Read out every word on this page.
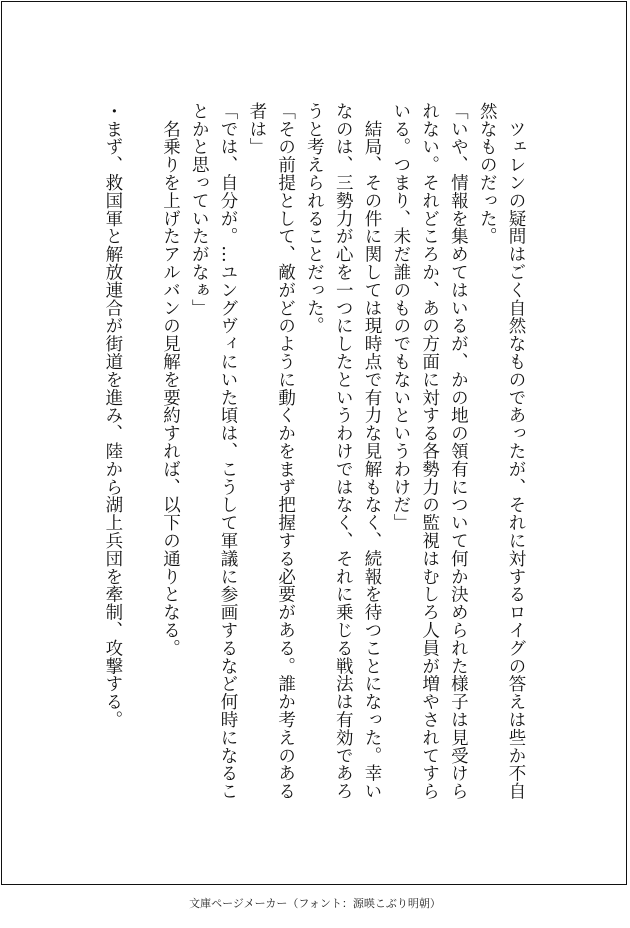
　ツェレンの疑問はごく自然なものであったが、それに対するロイグの答えは些か不自然なものだった。

「いや、情報を集めてはいるが、かの地の領有について何か決められた様子は見受けられない。それどころか、あの方面に対する各勢力の監視はむしろ人員が増やされてすらいる。つまり、未だ誰のものでもないというわけだ」

　結局、その件に関しては現時点で有力な見解もなく、続報を待つことになった。幸いなのは、三勢力が心を一つにしたというわけではなく、それに乗じる戦法は有効であろうと考えられることだった。

「その前提として、敵がどのように動くかをまず把握する必要がある。誰か考えのある者は」

「では、自分が。…ユングヴィにいた頃は、こうして軍議に参画するなど何時になることかと思っていたがなぁ」

　名乗りを上げたアルバンの見解を要約すれば、以下の通りとなる。

・まず、救国軍と解放連合が街道を進み、陸から湖上兵団を牽制、攻撃する。

文庫ページメーカー（フォント：源暎こぶり明朝）
